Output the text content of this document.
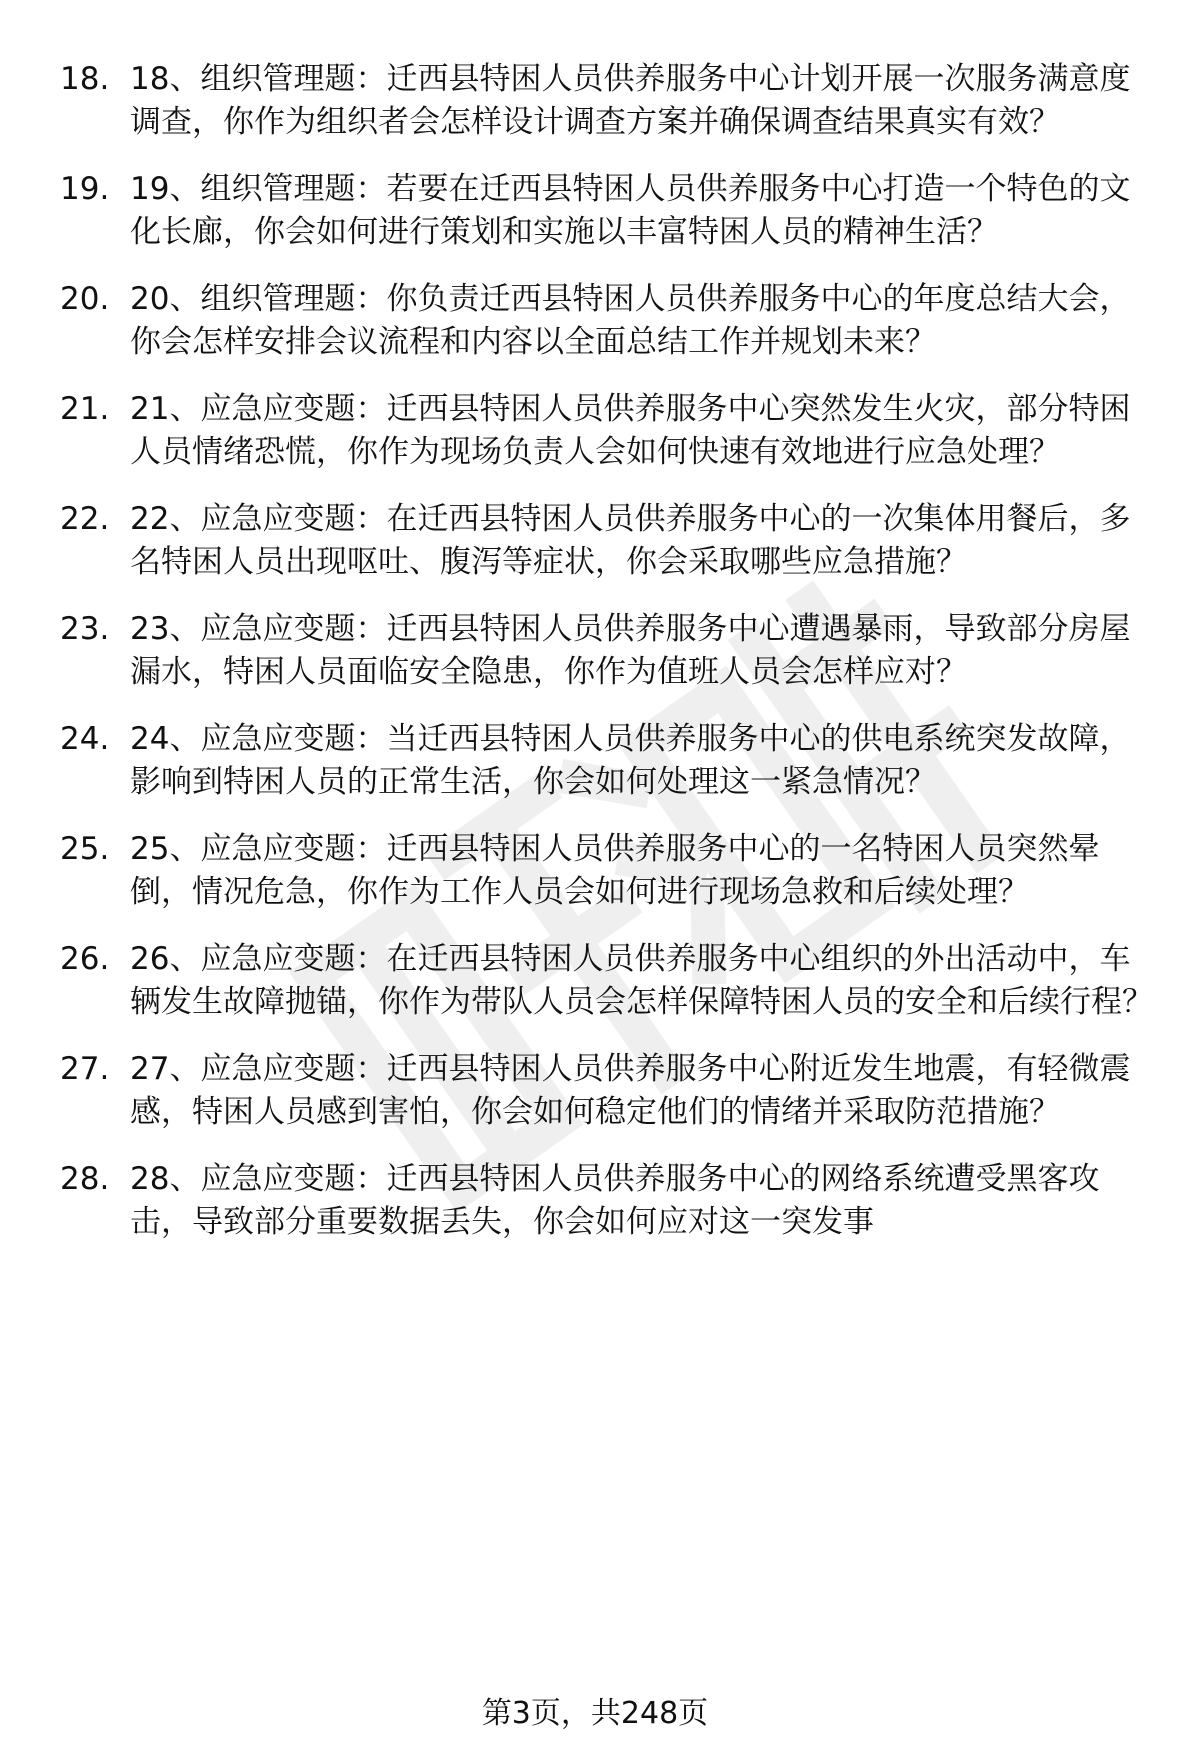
18. 18、组织管理题：迁西县特困人员供养服务中心计划开展一次服务满意度调查，你作为组织者会怎样设计调查方案并确保调查结果真实有效？
19. 19、组织管理题：若要在迁西县特困人员供养服务中心打造一个特色的文化长廊，你会如何进行策划和实施以丰富特困人员的精神生活？
20. 20、组织管理题：你负责迁西县特困人员供养服务中心的年度总结大会，你会怎样安排会议流程和内容以全面总结工作并规划未来？
21. 21、应急应变题：迁西县特困人员供养服务中心突然发生火灾，部分特困人员情绪恐慌，你作为现场负责人会如何快速有效地进行应急处理？
22. 22、应急应变题：在迁西县特困人员供养服务中心的一次集体用餐后，多名特困人员出现呕吐、腹泻等症状，你会采取哪些应急措施？
23. 23、应急应变题：迁西县特困人员供养服务中心遭遇暴雨，导致部分房屋漏水，特困人员面临安全隐患，你作为值班人员会怎样应对？
24. 24、应急应变题：当迁西县特困人员供养服务中心的供电系统突发故障，影响到特困人员的正常生活，你会如何处理这一紧急情况？
25. 25、应急应变题：迁西县特困人员供养服务中心的一名特困人员突然晕倒，情况危急，你作为工作人员会如何进行现场急救和后续处理？
26. 26、应急应变题：在迁西县特困人员供养服务中心组织的外出活动中，车辆发生故障抛锚，你作为带队人员会怎样保障特困人员的安全和后续行程？
27. 27、应急应变题：迁西县特困人员供养服务中心附近发生地震，有轻微震感，特困人员感到害怕，你会如何稳定他们的情绪并采取防范措施？
28. 28、应急应变题：迁西县特困人员供养服务中心的网络系统遭受黑客攻击，导致部分重要数据丢失，你会如何应对这一突发事
第3页，共248页
